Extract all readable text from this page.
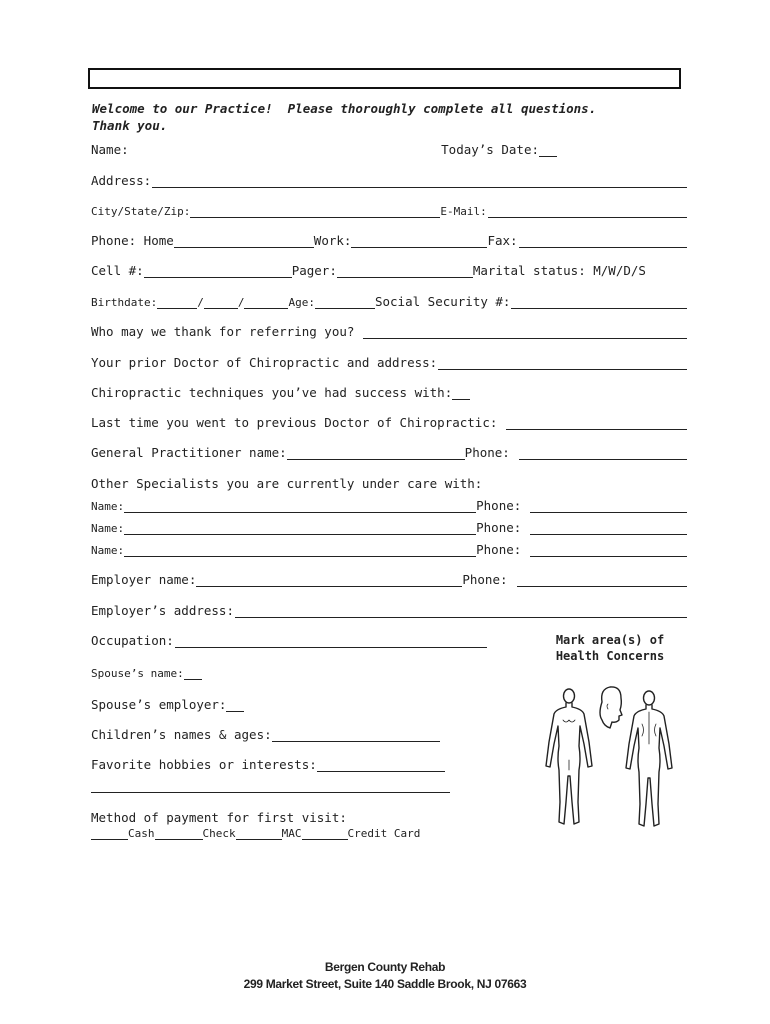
Welcome to our Practice!  Please thoroughly complete all questions.
Thank you.
Name:	Today’s Date:
Address:
City/State/Zip:	E-Mail:
Phone: Home	Work:	Fax:
Cell #:	Pager:	Marital status: M/W/D/S
Birthdate:	/	/	Age:	Social Security #:
Who may we thank for referring you?
Your prior Doctor of Chiropractic and address:
Chiropractic techniques you’ve had success with:
Last time you went to previous Doctor of Chiropractic:
General Practitioner name:	Phone:
Other Specialists you are currently under care with:
Name:	Phone:
Name:	Phone:
Name:	Phone:
Employer name:	Phone:
Employer’s address:
Occupation:
Spouse’s name:
Spouse’s employer:
Children’s names & ages:
Favorite hobbies or interests:
Method of payment for first visit:
Cash	Check	MAC	Credit Card
Mark area(s) of
Health Concerns
Bergen County Rehab
299 Market Street, Suite 140 Saddle Brook, NJ 07663
